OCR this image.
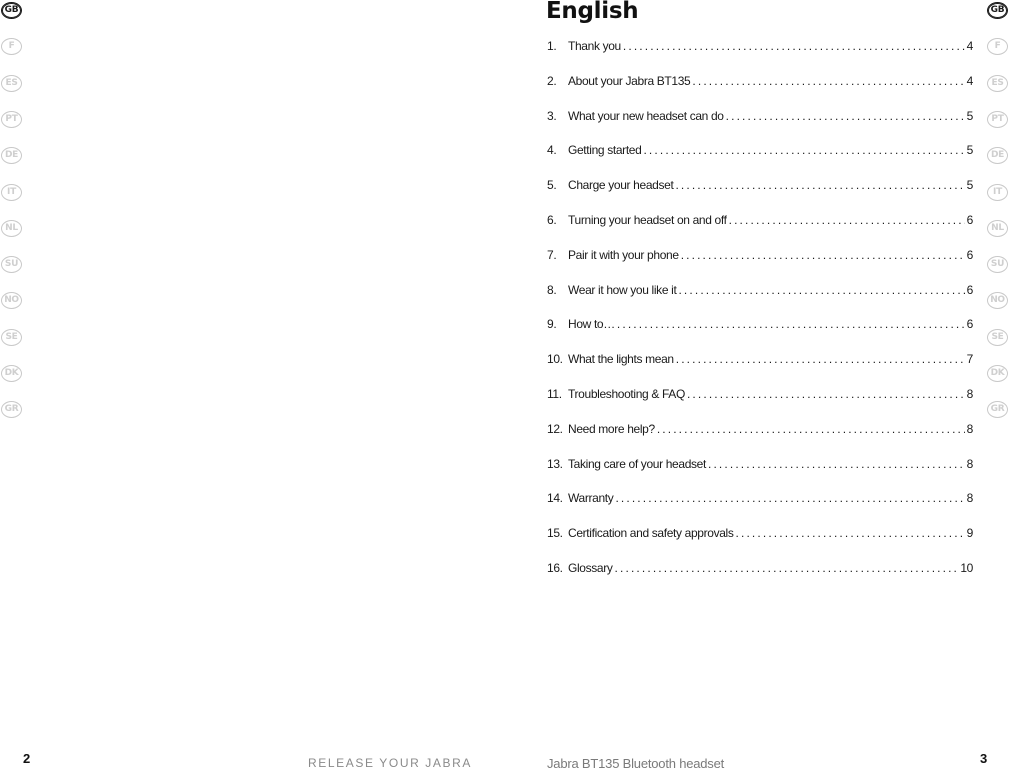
GB
F
ES
PT
DE
IT
NL
SU
NO
SE
DK
GR
GB
F
ES
PT
DE
IT
NL
SU
NO
SE
DK
GR
English
1. Thank you . . .	4
2. About your Jabra BT135 . . .	4
3. What your new headset can do . . .	5
4. Getting started . . .	5
5. Charge your headset . . .	5
6. Turning your headset on and off . . .	6
7. Pair it with your phone . . .	6
8. Wear it how you like it . . .	6
9. How to… . . .	6
10. What the lights mean . . .	7
11. Troubleshooting & FAQ . . .	8
12. Need more help? . . .	8
13. Taking care of your headset . . .	8
14. Warranty . . .	8
15. Certification and safety approvals . . .	9
16. Glossary . . .	10
2	RELEASE YOUR JABRA	Jabra BT135 Bluetooth headset	3
